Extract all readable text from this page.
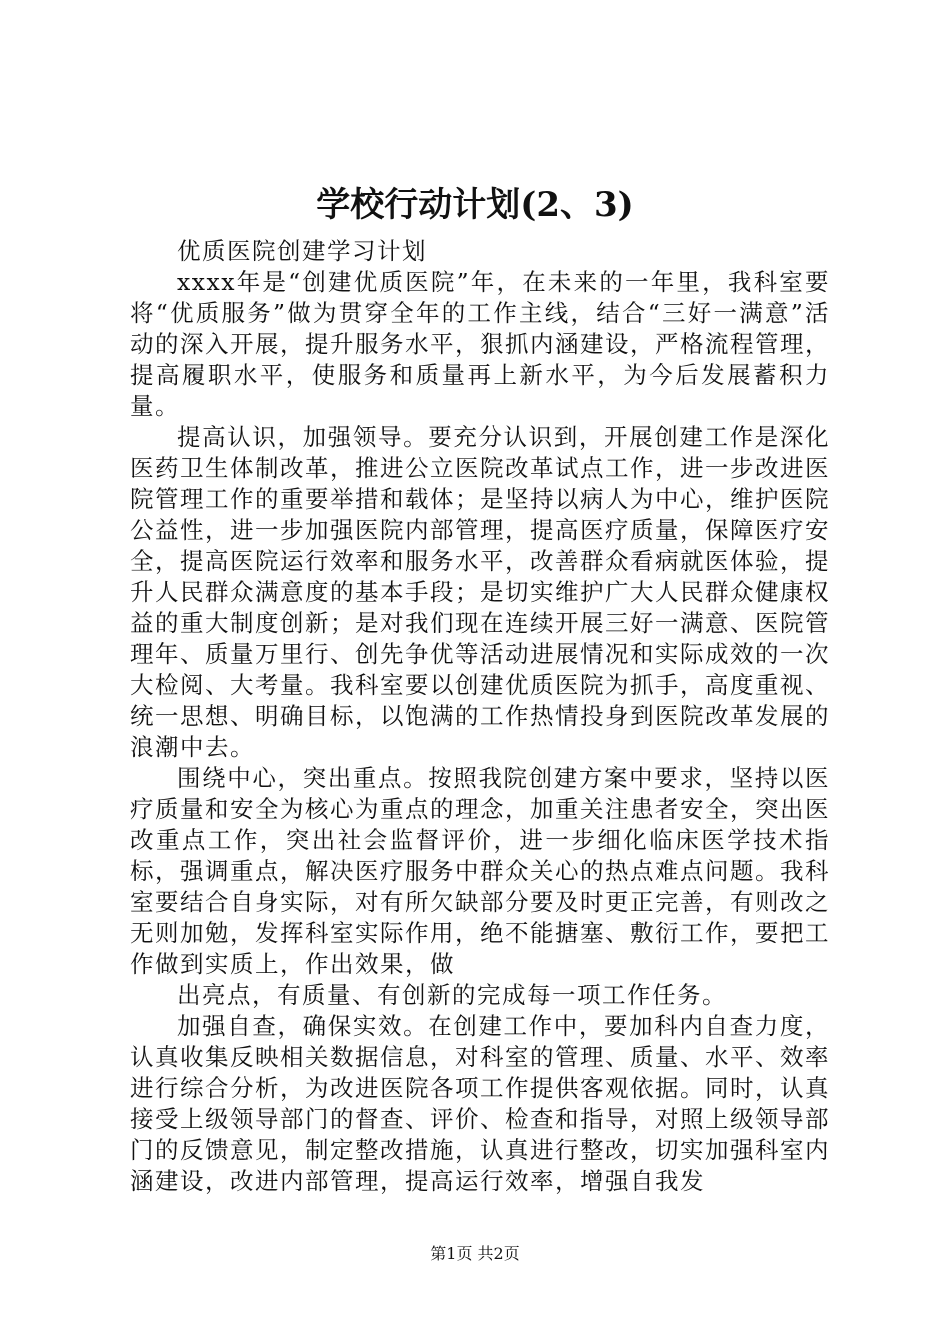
学校行动计划(2、3)

优质医院创建学习计划

xxxx年是“创建优质医院”年，在未来的一年里，我科室要将“优质服务”做为贯穿全年的工作主线，结合“三好一满意”活动的深入开展，提升服务水平，狠抓内涵建设，严格流程管理，提高履职水平，使服务和质量再上新水平，为今后发展蓄积力量。

提高认识，加强领导。要充分认识到，开展创建工作是深化医药卫生体制改革，推进公立医院改革试点工作，进一步改进医院管理工作的重要举措和载体；是坚持以病人为中心，维护医院公益性，进一步加强医院内部管理，提高医疗质量，保障医疗安全，提高医院运行效率和服务水平，改善群众看病就医体验，提升人民群众满意度的基本手段；是切实维护广大人民群众健康权益的重大制度创新；是对我们现在连续开展三好一满意、医院管理年、质量万里行、创先争优等活动进展情况和实际成效的一次大检阅、大考量。我科室要以创建优质医院为抓手，高度重视、统一思想、明确目标，以饱满的工作热情投身到医院改革发展的浪潮中去。

围绕中心，突出重点。按照我院创建方案中要求，坚持以医疗质量和安全为核心为重点的理念，加重关注患者安全，突出医改重点工作，突出社会监督评价，进一步细化临床医学技术指标，强调重点，解决医疗服务中群众关心的热点难点问题。我科室要结合自身实际，对有所欠缺部分要及时更正完善，有则改之无则加勉，发挥科室实际作用，绝不能搪塞、敷衍工作，要把工作做到实质上，作出效果，做

出亮点，有质量、有创新的完成每一项工作任务。

加强自查，确保实效。在创建工作中，要加科内自查力度，认真收集反映相关数据信息，对科室的管理、质量、水平、效率进行综合分析，为改进医院各项工作提供客观依据。同时，认真接受上级领导部门的督查、评价、检查和指导，对照上级领导部门的反馈意见，制定整改措施，认真进行整改，切实加强科室内涵建设，改进内部管理，提高运行效率，增强自我发

第1页 共2页
